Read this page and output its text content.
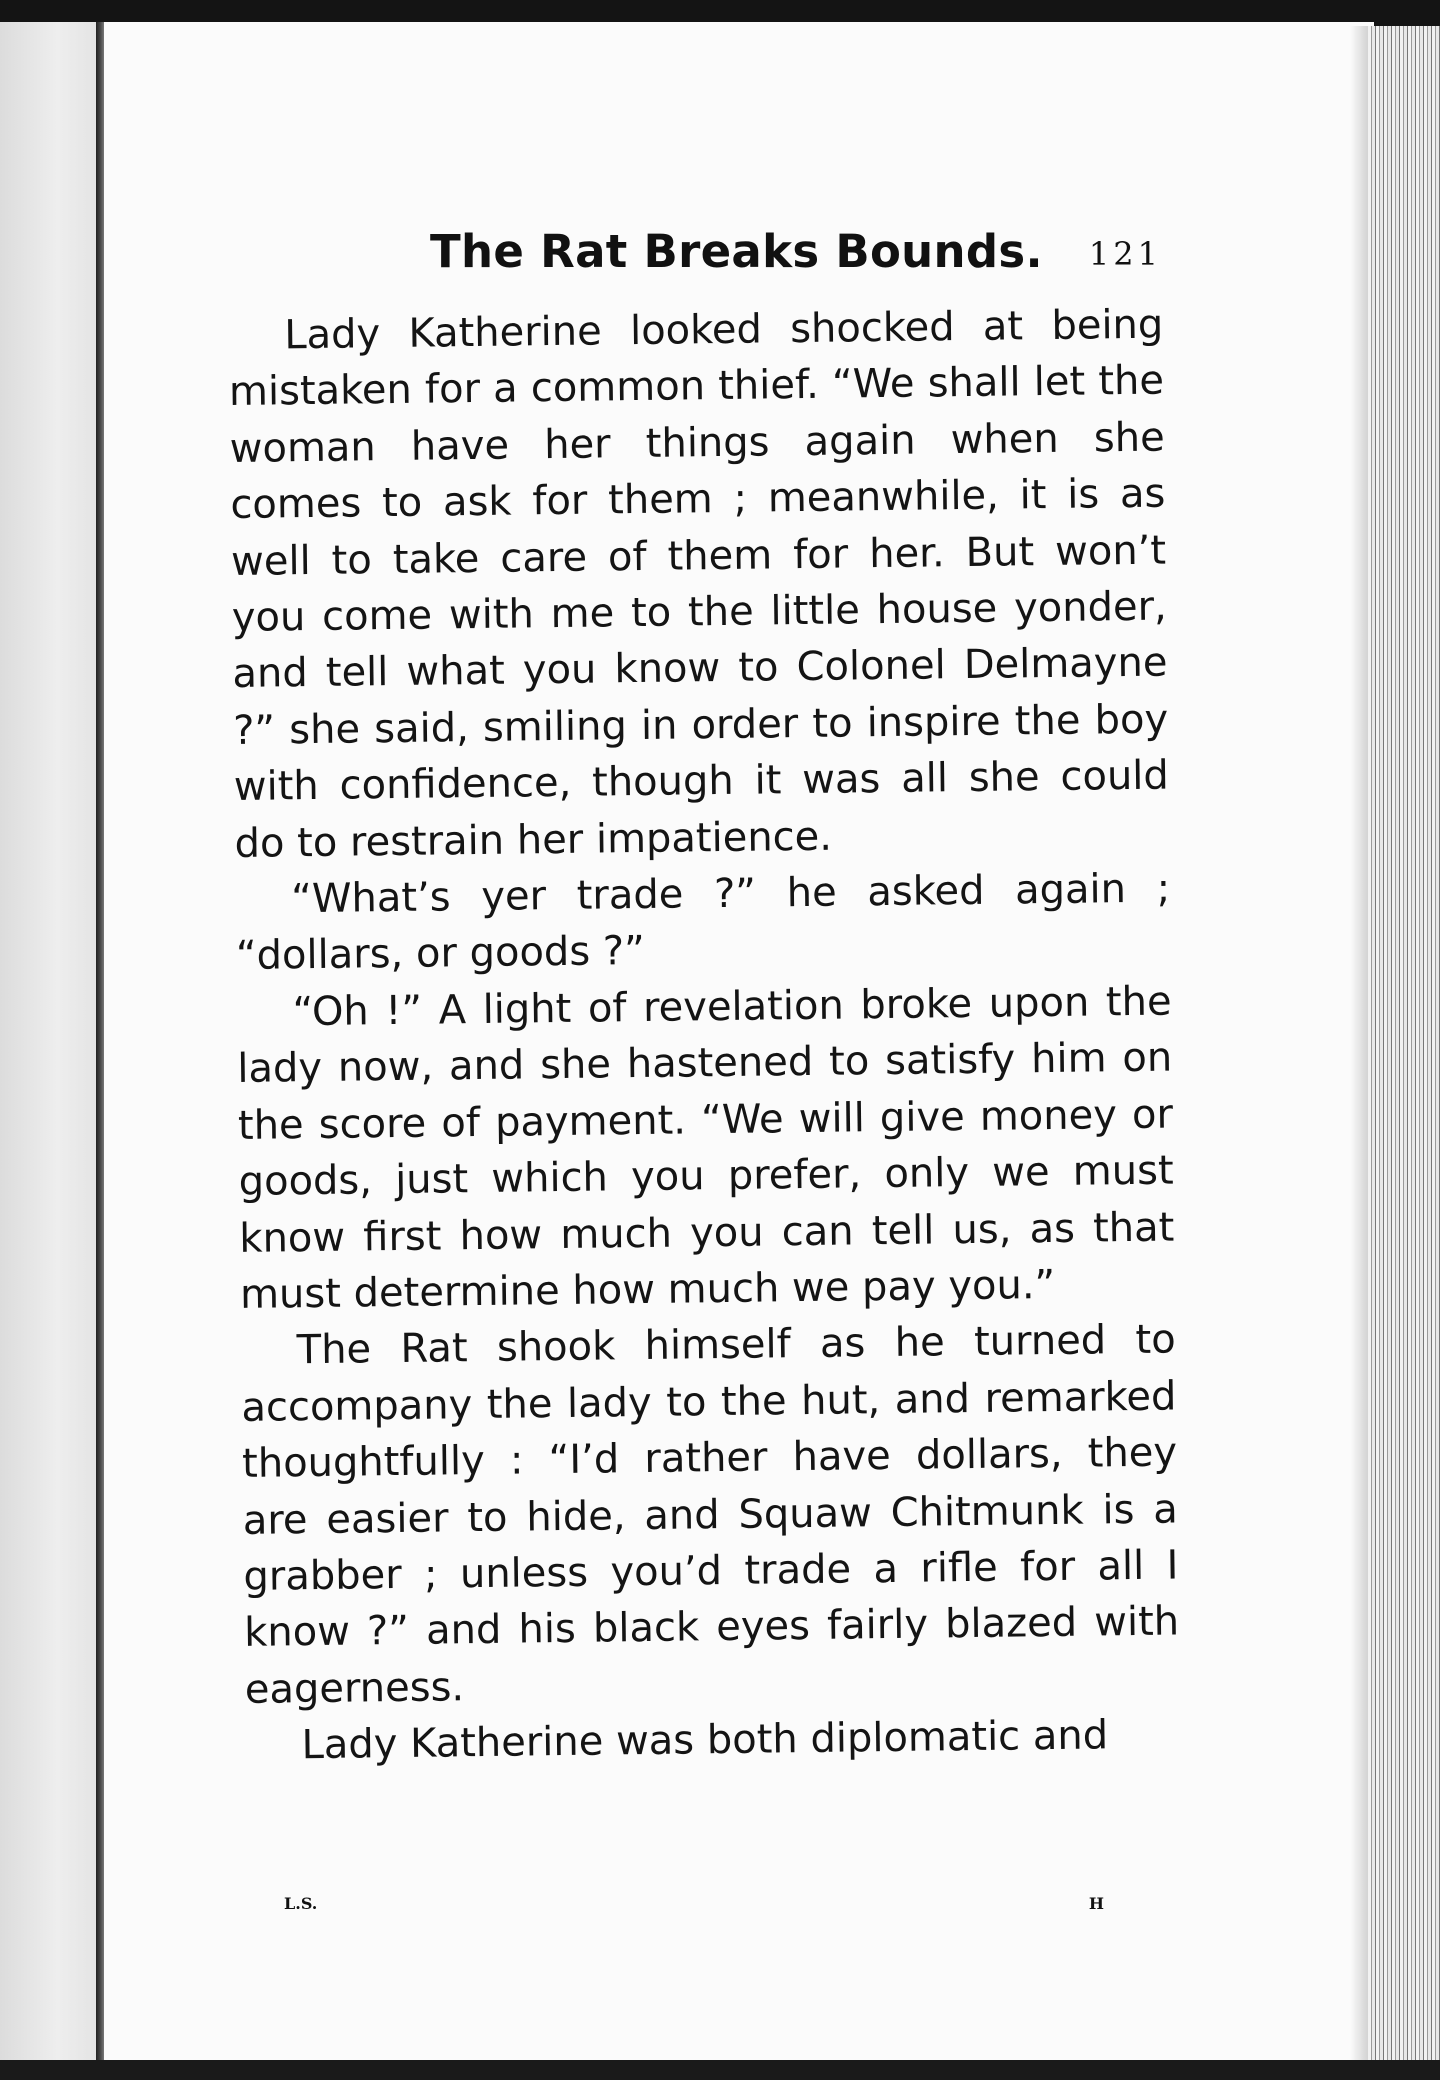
The Rat Breaks Bounds. 121

Lady Katherine looked shocked at being mistaken for a common thief. “We shall let the woman have her things again when she comes to ask for them ; meanwhile, it is as well to take care of them for her. But won’t you come with me to the little house yonder, and tell what you know to Colonel Delmayne ?” she said, smiling in order to inspire the boy with confidence, though it was all she could do to restrain her impatience.

“What’s yer trade ?” he asked again ; “dollars, or goods ?”

“Oh !” A light of revelation broke upon the lady now, and she hastened to satisfy him on the score of payment. “We will give money or goods, just which you prefer, only we must know first how much you can tell us, as that must determine how much we pay you.”

The Rat shook himself as he turned to accompany the lady to the hut, and remarked thoughtfully : “I’d rather have dollars, they are easier to hide, and Squaw Chitmunk is a grabber ; unless you’d trade a rifle for all I know ?” and his black eyes fairly blazed with eagerness.

Lady Katherine was both diplomatic and

L.S.	H
